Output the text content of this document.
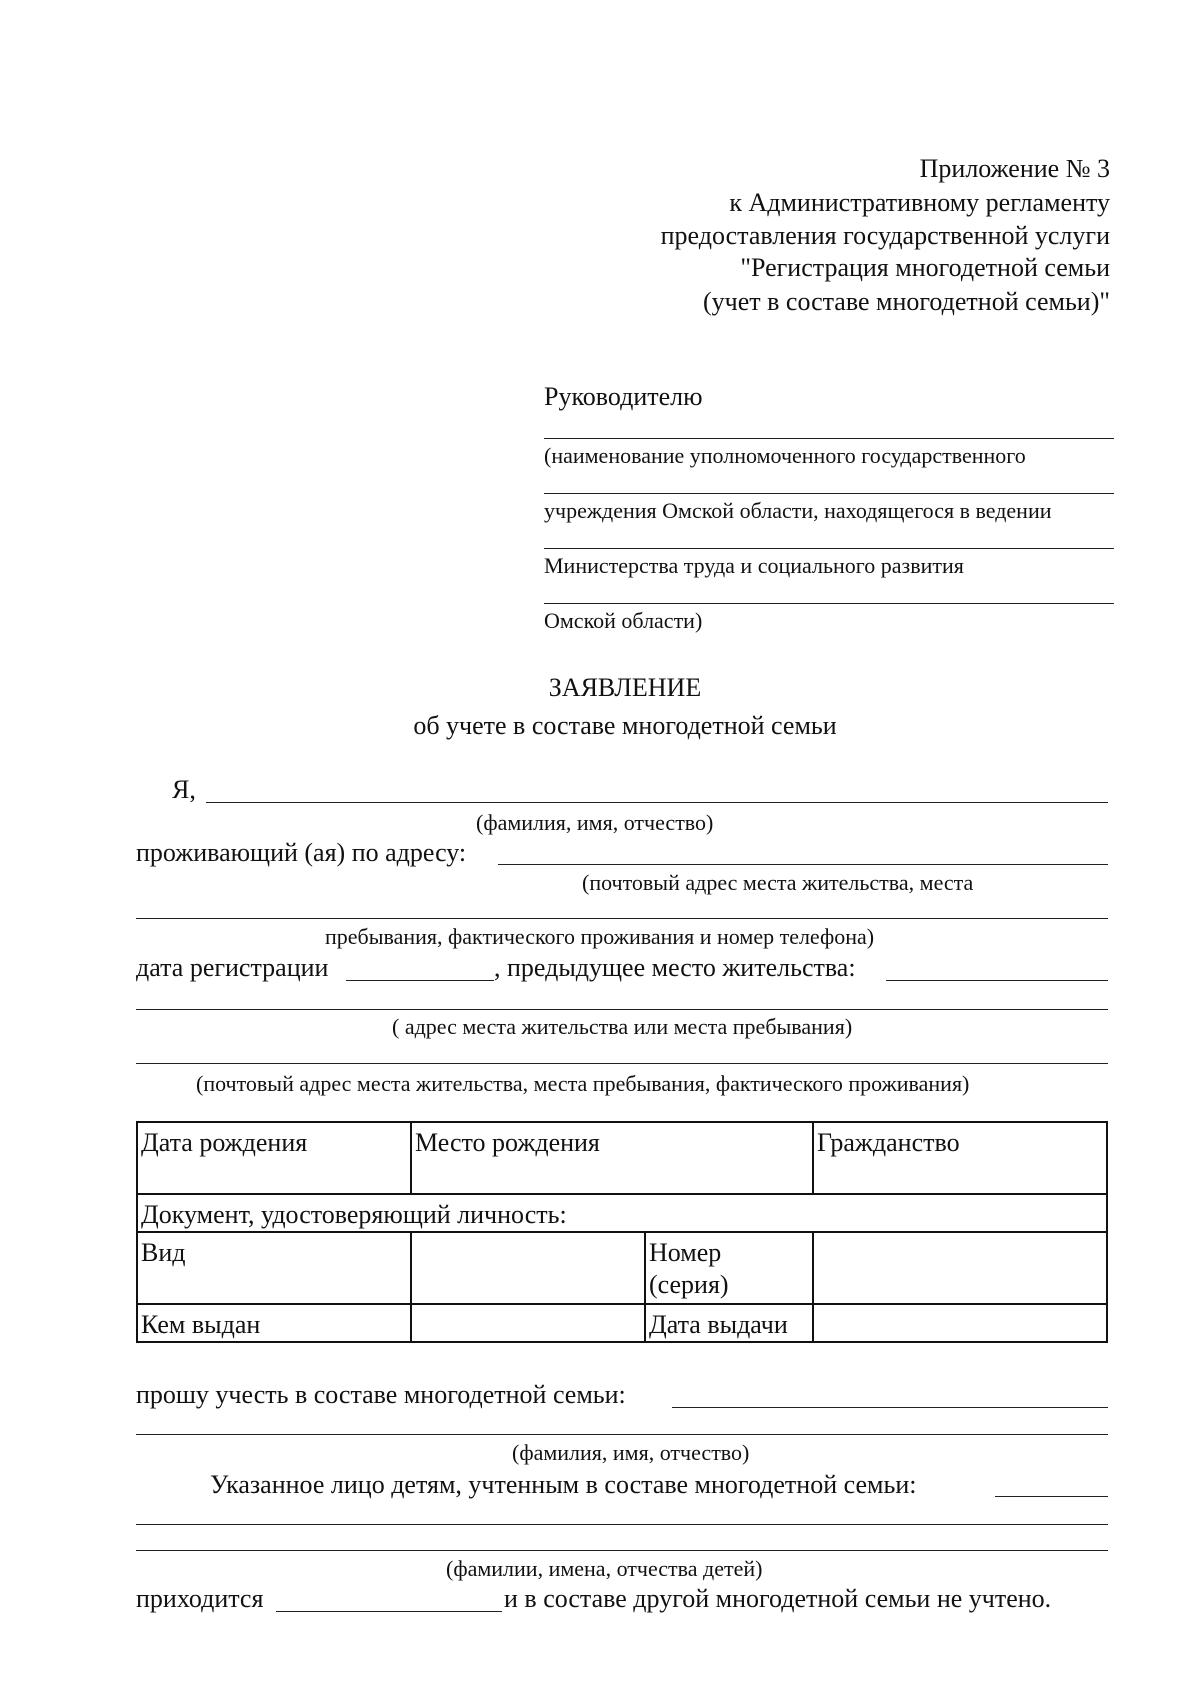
Приложение № 3
к Административному регламенту
предоставления государственной услуги
"Регистрация многодетной семьи
(учет в составе многодетной семьи)"
Руководителю
(наименование уполномоченного государственного
учреждения Омской области, находящегося в ведении
Министерства труда и социального развития
Омской области)
ЗАЯВЛЕНИЕ
об учете в составе многодетной семьи
Я,
(фамилия, имя, отчество)
проживающий (ая) по адресу:
(почтовый адрес места жительства, места
пребывания, фактического проживания и номер телефона)
дата регистрации	, предыдущее место жительства:
( адрес места жительства или места пребывания)
(почтовый адрес места жительства, места пребывания, фактического проживания)
Дата рождения	Место рождения		Гражданство
Документ, удостоверяющий личность:			
Вид		Номер
(серия)	
Кем выдан		Дата выдачи	
прошу учесть в составе многодетной семьи:
(фамилия, имя, отчество)
Указанное лицо детям, учтенным в составе многодетной семьи:
(фамилии, имена, отчества детей)
приходится	и в составе другой многодетной семьи не учтено.
